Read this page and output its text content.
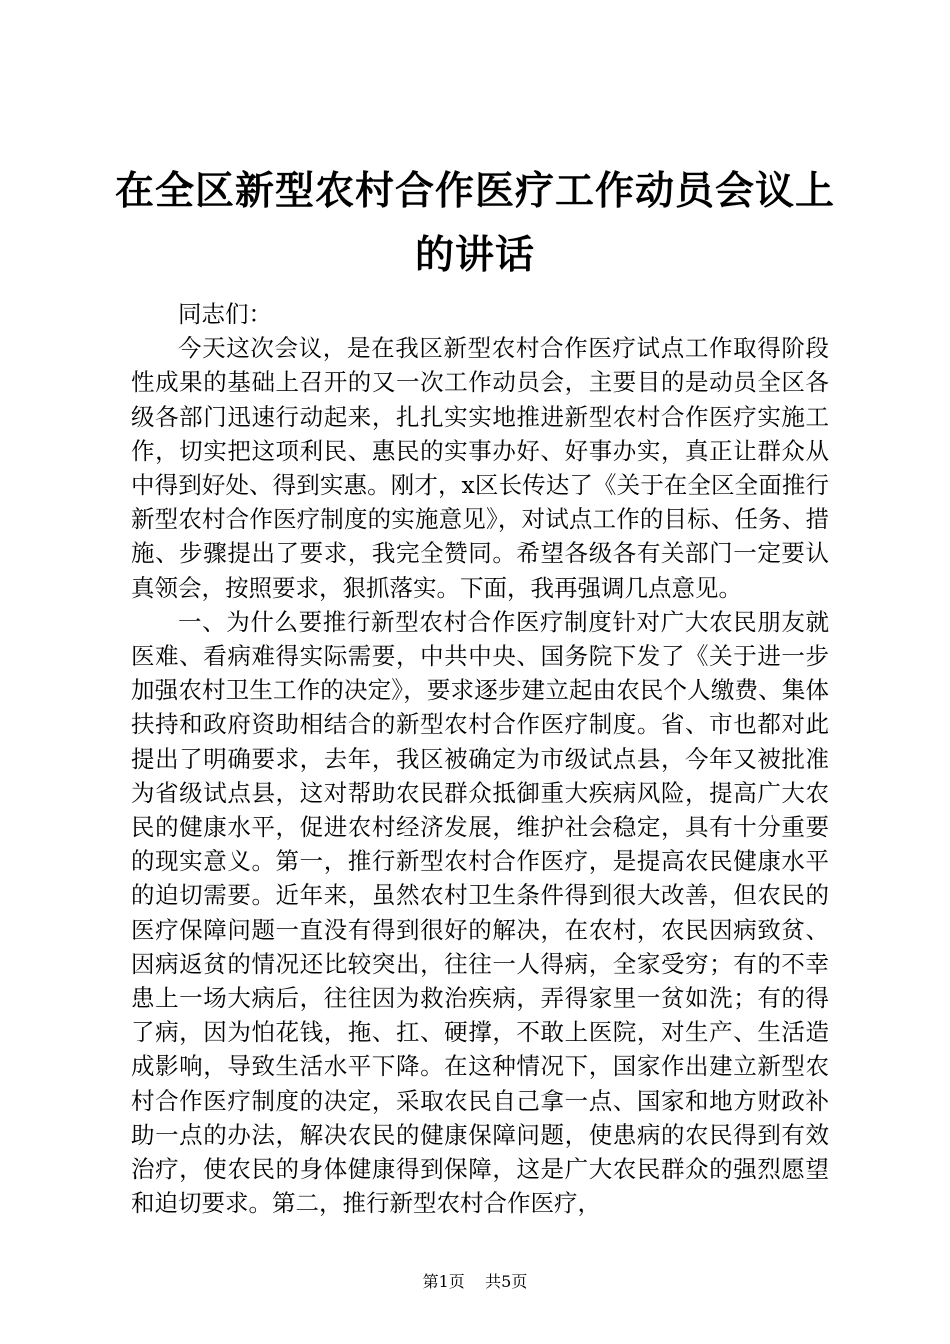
在全区新型农村合作医疗工作动员会议上的讲话

同志们：

今天这次会议，是在我区新型农村合作医疗试点工作取得阶段性成果的基础上召开的又一次工作动员会，主要目的是动员全区各级各部门迅速行动起来，扎扎实实地推进新型农村合作医疗实施工作，切实把这项利民、惠民的实事办好、好事办实，真正让群众从中得到好处、得到实惠。刚才，x区长传达了《关于在全区全面推行新型农村合作医疗制度的实施意见》，对试点工作的目标、任务、措施、步骤提出了要求，我完全赞同。希望各级各有关部门一定要认真领会，按照要求，狠抓落实。下面，我再强调几点意见。

一、为什么要推行新型农村合作医疗制度针对广大农民朋友就医难、看病难得实际需要，中共中央、国务院下发了《关于进一步加强农村卫生工作的决定》，要求逐步建立起由农民个人缴费、集体扶持和政府资助相结合的新型农村合作医疗制度。省、市也都对此提出了明确要求，去年，我区被确定为市级试点县，今年又被批准为省级试点县，这对帮助农民群众抵御重大疾病风险，提高广大农民的健康水平，促进农村经济发展，维护社会稳定，具有十分重要的现实意义。第一，推行新型农村合作医疗，是提高农民健康水平的迫切需要。近年来，虽然农村卫生条件得到很大改善，但农民的医疗保障问题一直没有得到很好的解决，在农村，农民因病致贫、因病返贫的情况还比较突出，往往一人得病，全家受穷；有的不幸患上一场大病后，往往因为救治疾病，弄得家里一贫如洗；有的得了病，因为怕花钱，拖、扛、硬撑，不敢上医院，对生产、生活造成影响，导致生活水平下降。在这种情况下，国家作出建立新型农村合作医疗制度的决定，采取农民自己拿一点、国家和地方财政补助一点的办法，解决农民的健康保障问题，使患病的农民得到有效治疗，使农民的身体健康得到保障，这是广大农民群众的强烈愿望和迫切要求。第二，推行新型农村合作医疗，

第1页 共5页
